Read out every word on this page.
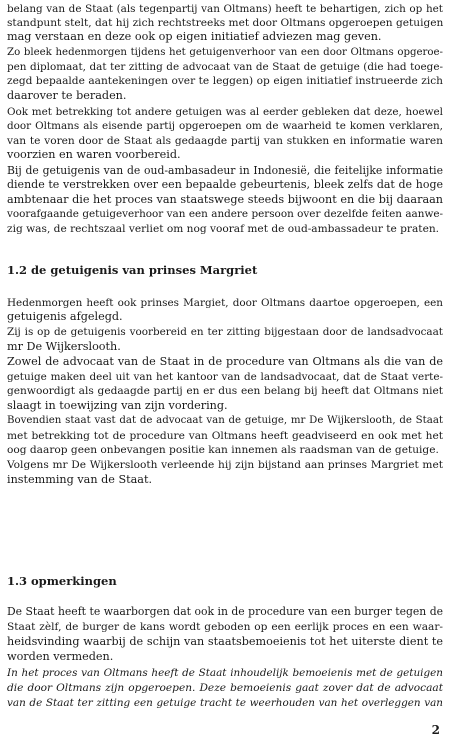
belang van de Staat (als tegenpartij van Oltmans) heeft te behartigen, zich op het
standpunt stelt, dat hij zich rechtstreeks met door Oltmans opgeroepen getuigen
mag verstaan en deze ook op eigen initiatief adviezen mag geven.
Zo bleek hedenmorgen tijdens het getuigenverhoor van een door Oltmans opgeroe-
pen diplomaat, dat ter zitting de advocaat van de Staat de getuige (die had toege-
zegd bepaalde aantekeningen over te leggen) op eigen initiatief instrueerde zich
daarover te beraden.
Ook met betrekking tot andere getuigen was al eerder gebleken dat deze, hoewel
door Oltmans als eisende partij opgeroepen om de waarheid te komen verklaren,
van te voren door de Staat als gedaagde partij van stukken en informatie waren
voorzien en waren voorbereid.
Bij de getuigenis van de oud-ambasadeur in Indonesië, die feitelijke informatie
diende te verstrekken over een bepaalde gebeurtenis, bleek zelfs dat de hoge
ambtenaar die het proces van staatswege steeds bijwoont en die bij daaraan
voorafgaande getuigeverhoor van een andere persoon over dezelfde feiten aanwe-
zig was, de rechtszaal verliet om nog vooraf met de oud-ambassadeur te praten.
1.2 de getuigenis van prinses Margriet
Hedenmorgen heeft ook prinses Margiet, door Oltmans daartoe opgeroepen, een
getuigenis afgelegd.
Zij is op de getuigenis voorbereid en ter zitting bijgestaan door de landsadvocaat
mr De Wijkerslooth.
Zowel de advocaat van de Staat in de procedure van Oltmans als die van de
getuige maken deel uit van het kantoor van de landsadvocaat, dat de Staat verte-
genwoordigt als gedaagde partij en er dus een belang bij heeft dat Oltmans niet
slaagt in toewijzing van zijn vordering.
Bovendien staat vast dat de advocaat van de getuige, mr De Wijkerslooth, de Staat
met betrekking tot de procedure van Oltmans heeft geadviseerd en ook met het
oog daarop geen onbevangen positie kan innemen als raadsman van de getuige.
Volgens mr De Wijkerslooth verleende hij zijn bijstand aan prinses Margriet met
instemming van de Staat.
1.3 opmerkingen
De Staat heeft te waarborgen dat ook in de procedure van een burger tegen de
Staat zèlf, de burger de kans wordt geboden op een eerlijk proces en een waar-
heidsvinding waarbij de schijn van staatsbemoeienis tot het uiterste dient te
worden vermeden.
In het proces van Oltmans heeft de Staat inhoudelijk bemoeienis met de getuigen
die door Oltmans zijn opgeroepen. Deze bemoeienis gaat zover dat de advocaat
van de Staat ter zitting een getuige tracht te weerhouden van het overleggen van
2
